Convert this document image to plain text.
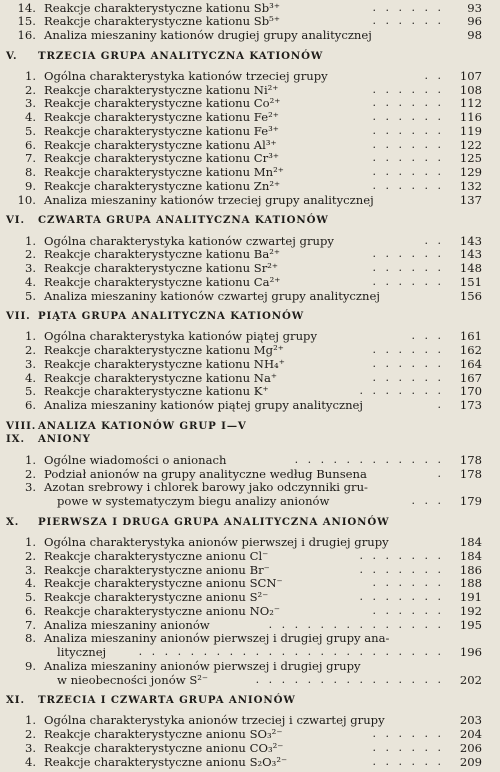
14. Reakcje charakterystyczne kationu Sb³⁺	. . . . . .	93
15. Reakcje charakterystyczne kationu Sb⁵⁺	. . . . . .	96
16. Analiza mieszaniny kationów drugiej grupy analitycznej	98
V. TRZECIA GRUPA ANALITYCZNA KATIONÓW
1. Ogólna charakterystyka kationów trzeciej grupy	. .	107
2. Reakcje charakterystyczne kationu Ni²⁺	. . . . . .	108
3. Reakcje charakterystyczne kationu Co²⁺	. . . . . .	112
4. Reakcje charakterystyczne kationu Fe²⁺	. . . . . .	116
5. Reakcje charakterystyczne kationu Fe³⁺	. . . . . .	119
6. Reakcje charakterystyczne kationu Al³⁺	. . . . . .	122
7. Reakcje charakterystyczne kationu Cr³⁺	. . . . . .	125
8. Reakcje charakterystyczne kationu Mn²⁺	. . . . . .	129
9. Reakcje charakterystyczne kationu Zn²⁺	. . . . . .	132
10. Analiza mieszaniny kationów trzeciej grupy analitycznej	137
VI. CZWARTA GRUPA ANALITYCZNA KATIONÓW
1. Ogólna charakterystyka kationów czwartej grupy	. .	143
2. Reakcje charakterystyczne kationu Ba²⁺	. . . . . .	143
3. Reakcje charakterystyczne kationu Sr²⁺	. . . . . .	148
4. Reakcje charakterystyczne kationu Ca²⁺	. . . . . .	151
5. Analiza mieszaniny kationów czwartej grupy analitycznej	156
VII. PIĄTA GRUPA ANALITYCZNA KATIONÓW
1. Ogólna charakterystyka kationów piątej grupy	. . .	161
2. Reakcje charakterystyczne kationu Mg²⁺	. . . . . .	162
3. Reakcje charakterystyczne kationu NH₄⁺	. . . . . .	164
4. Reakcje charakterystyczne kationu Na⁺	. . . . . .	167
5. Reakcje charakterystyczne kationu K⁺	. . . . . . .	170
6. Analiza mieszaniny kationów piątej grupy analitycznej	.	173
VIII. ANALIZA KATIONÓW GRUP I—V
IX. ANIONY
1. Ogólne wiadomości o anionach	. . . . . . . . . . . .	178
2. Podział anionów na grupy analityczne według Bunsena	.	178
3. Azotan srebrowy i chlorek barowy jako odczynniki gru-
powe w systematyczym biegu analizy anionów	. . .	179
X. PIERWSZA I DRUGA GRUPA ANALITYCZNA ANIONÓW
1. Ogólna charakterystyka anionów pierwszej i drugiej grupy	184
2. Reakcje charakterystyczne anionu Cl⁻	. . . . . . .	184
3. Reakcje charakterystyczne anionu Br⁻	. . . . . . .	186
4. Reakcje charakterystyczne anionu SCN⁻	. . . . . .	188
5. Reakcje charakterystyczne anionu S²⁻	. . . . . . .	191
6. Reakcje charakterystyczne anionu NO₂⁻	. . . . . .	192
7. Analiza mieszaniny anionów	. . . . . . . . . . . . . .	195
8. Analiza mieszaniny anionów pierwszej i drugiej grupy ana-
litycznej	. . . . . . . . . . . . . . . . . . . . . . . .	196
9. Analiza mieszaniny anionów pierwszej i drugiej grupy
w nieobecności jonów S²⁻	. . . . . . . . . . . . . . .	202
XI. TRZECIA I CZWARTA GRUPA ANIONÓW
1. Ogólna charakterystyka anionów trzeciej i czwartej grupy	203
2. Reakcje charakterystyczne anionu SO₃²⁻	. . . . . .	204
3. Reakcje charakterystyczne anionu CO₃²⁻	. . . . . .	206
4. Reakcje charakterystyczne anionu S₂O₃²⁻	. . . . . .	209
